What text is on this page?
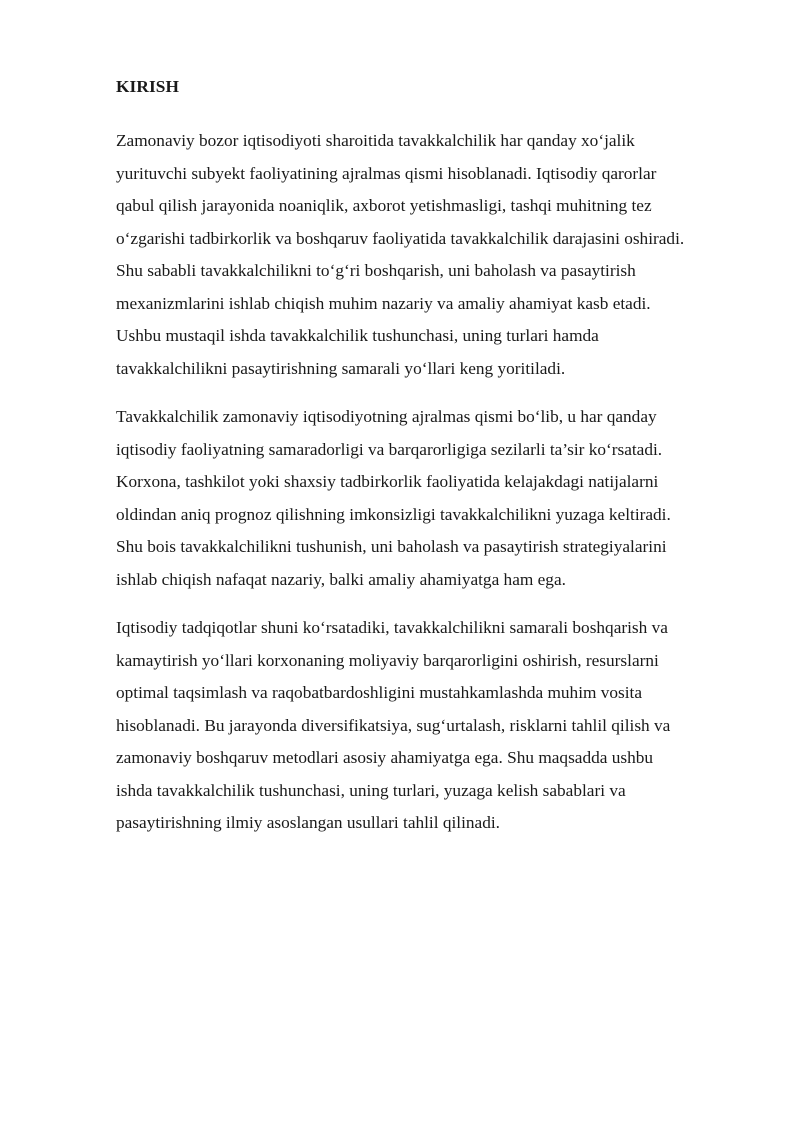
KIRISH

Zamonaviy bozor iqtisodiyoti sharoitida tavakkalchilik har qanday xo‘jalik
yurituvchi subyekt faoliyatining ajralmas qismi hisoblanadi. Iqtisodiy qarorlar
qabul qilish jarayonida noaniqlik, axborot yetishmasligi, tashqi muhitning tez
o‘zgarishi tadbirkorlik va boshqaruv faoliyatida tavakkalchilik darajasini oshiradi.
Shu sababli tavakkalchilikni to‘g‘ri boshqarish, uni baholash va pasaytirish
mexanizmlarini ishlab chiqish muhim nazariy va amaliy ahamiyat kasb etadi.
Ushbu mustaqil ishda tavakkalchilik tushunchasi, uning turlari hamda
tavakkalchilikni pasaytirishning samarali yo‘llari keng yoritiladi.

Tavakkalchilik zamonaviy iqtisodiyotning ajralmas qismi bo‘lib, u har qanday
iqtisodiy faoliyatning samaradorligi va barqarorligiga sezilarli ta’sir ko‘rsatadi.
Korxona, tashkilot yoki shaxsiy tadbirkorlik faoliyatida kelajakdagi natijalarni
oldindan aniq prognoz qilishning imkonsizligi tavakkalchilikni yuzaga keltiradi.
Shu bois tavakkalchilikni tushunish, uni baholash va pasaytirish strategiyalarini
ishlab chiqish nafaqat nazariy, balki amaliy ahamiyatga ham ega.

Iqtisodiy tadqiqotlar shuni ko‘rsatadiki, tavakkalchilikni samarali boshqarish va
kamaytirish yo‘llari korxonaning moliyaviy barqarorligini oshirish, resurslarni
optimal taqsimlash va raqobatbardoshligini mustahkamlashda muhim vosita
hisoblanadi. Bu jarayonda diversifikatsiya, sug‘urtalash, risklarni tahlil qilish va
zamonaviy boshqaruv metodlari asosiy ahamiyatga ega. Shu maqsadda ushbu
ishda tavakkalchilik tushunchasi, uning turlari, yuzaga kelish sabablari va
pasaytirishning ilmiy asoslangan usullari tahlil qilinadi.
